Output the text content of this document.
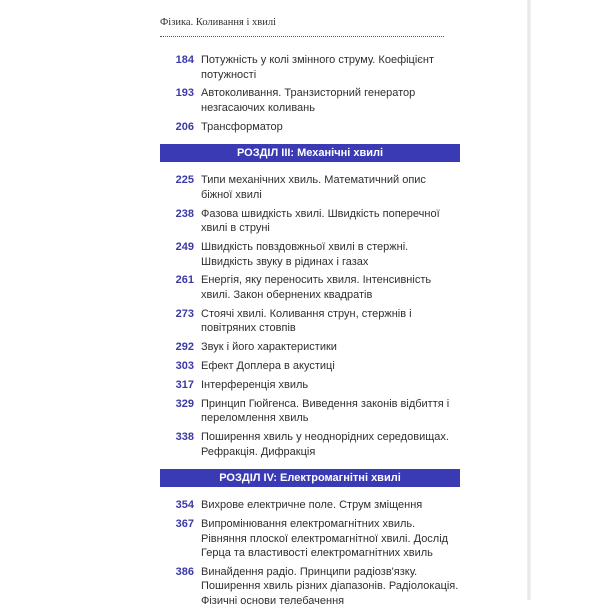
Фізика. Коливання і хвилі
184 Потужність у колі змінного струму. Коефіцієнт потужності
193 Автоколивання. Транзисторний генератор незгасаючих коливань
206 Трансформатор
РОЗДІЛ III: Механічні хвилі
225 Типи механічних хвиль. Математичний опис біжної хвилі
238 Фазова швидкість хвилі. Швидкість поперечної хвилі в струні
249 Швидкість повздовжньої хвилі в стержні. Швидкість звуку в рідинах і газах
261 Енергія, яку переносить хвиля. Інтенсивність хвилі. Закон обернених квадратів
273 Стоячі хвилі. Коливання струн, стержнів і повітряних стовпів
292 Звук і його характеристики
303 Ефект Доплера в акустиці
317 Інтерференція хвиль
329 Принцип Гюйгенса. Виведення законів відбиття і переломлення хвиль
338 Поширення хвиль у неоднорідних середовищах. Рефракція. Дифракція
РОЗДІЛ IV: Електромагнітні хвилі
354 Вихрове електричне поле. Струм зміщення
367 Випромінювання електромагнітних хвиль. Рівняння плоскої електромагнітної хвилі. Дослід Герца та властивості електромагнітних хвиль
386 Винайдення радіо. Принципи радіозв'язку. Поширення хвиль різних діапазонів. Радіолокація. Фізичні основи телебачення
